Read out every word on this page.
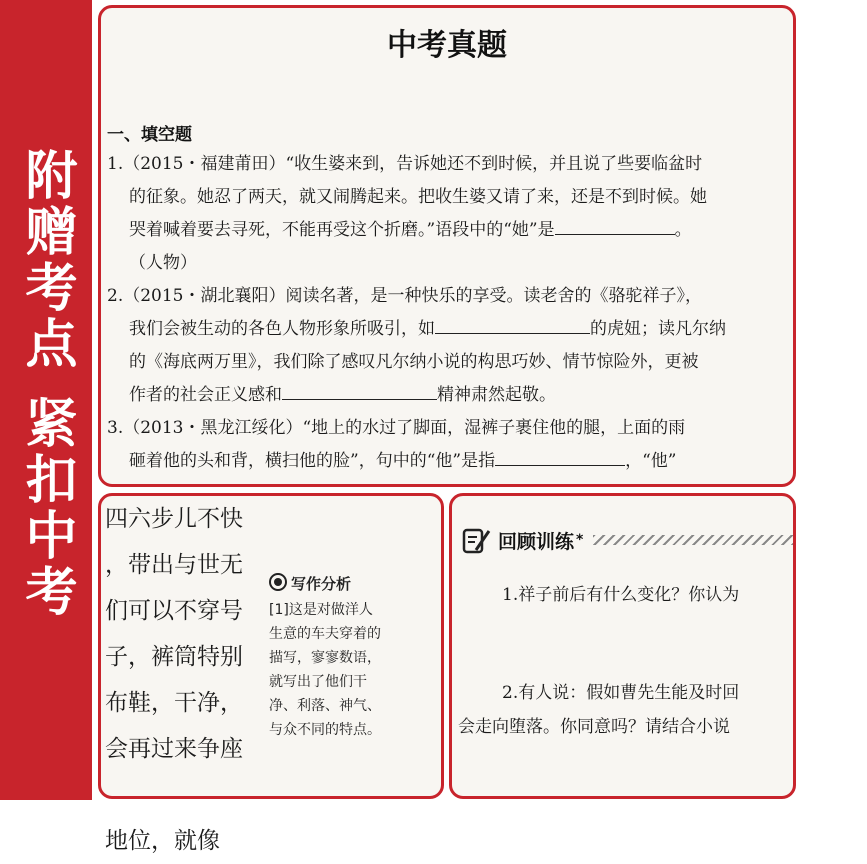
附赠考点紧扣中考
中考真题
一、填空题
1.（2015・福建莆田）“收生婆来到，告诉她还不到时候，并且说了些要临盆时
的征象。她忍了两天，就又闹腾起来。把收生婆又请了来，还是不到时候。她
哭着喊着要去寻死，不能再受这个折磨。”语段中的“她”是	。
（人物）
2.（2015・湖北襄阳）阅读名著，是一种快乐的享受。读老舍的《骆驼祥子》，
我们会被生动的各色人物形象所吸引，如	的虎妞；读凡尔纳
的《海底两万里》，我们除了感叹凡尔纳小说的构思巧妙、情节惊险外，更被
作者的社会正义感和	精神肃然起敬。
3.（2013・黑龙江绥化）“地上的水过了脚面，湿裤子裹住他的腿，上面的雨
砸着他的头和背，横扫他的脸”，句中的“他”是指	，“他”
四六步儿不快
，带出与世无
们可以不穿号
子，裤筒特别
布鞋，干净，
会再过来争座
地位，就像
写作分析
[1]这是对做洋人
生意的车夫穿着的
描写，寥寥数语，
就写出了他们干
净、利落、神气、
与众不同的特点。
回顾训练 *
1.祥子前后有什么变化？你认为
2.有人说：假如曹先生能及时回
会走向堕落。你同意吗？请结合小说
